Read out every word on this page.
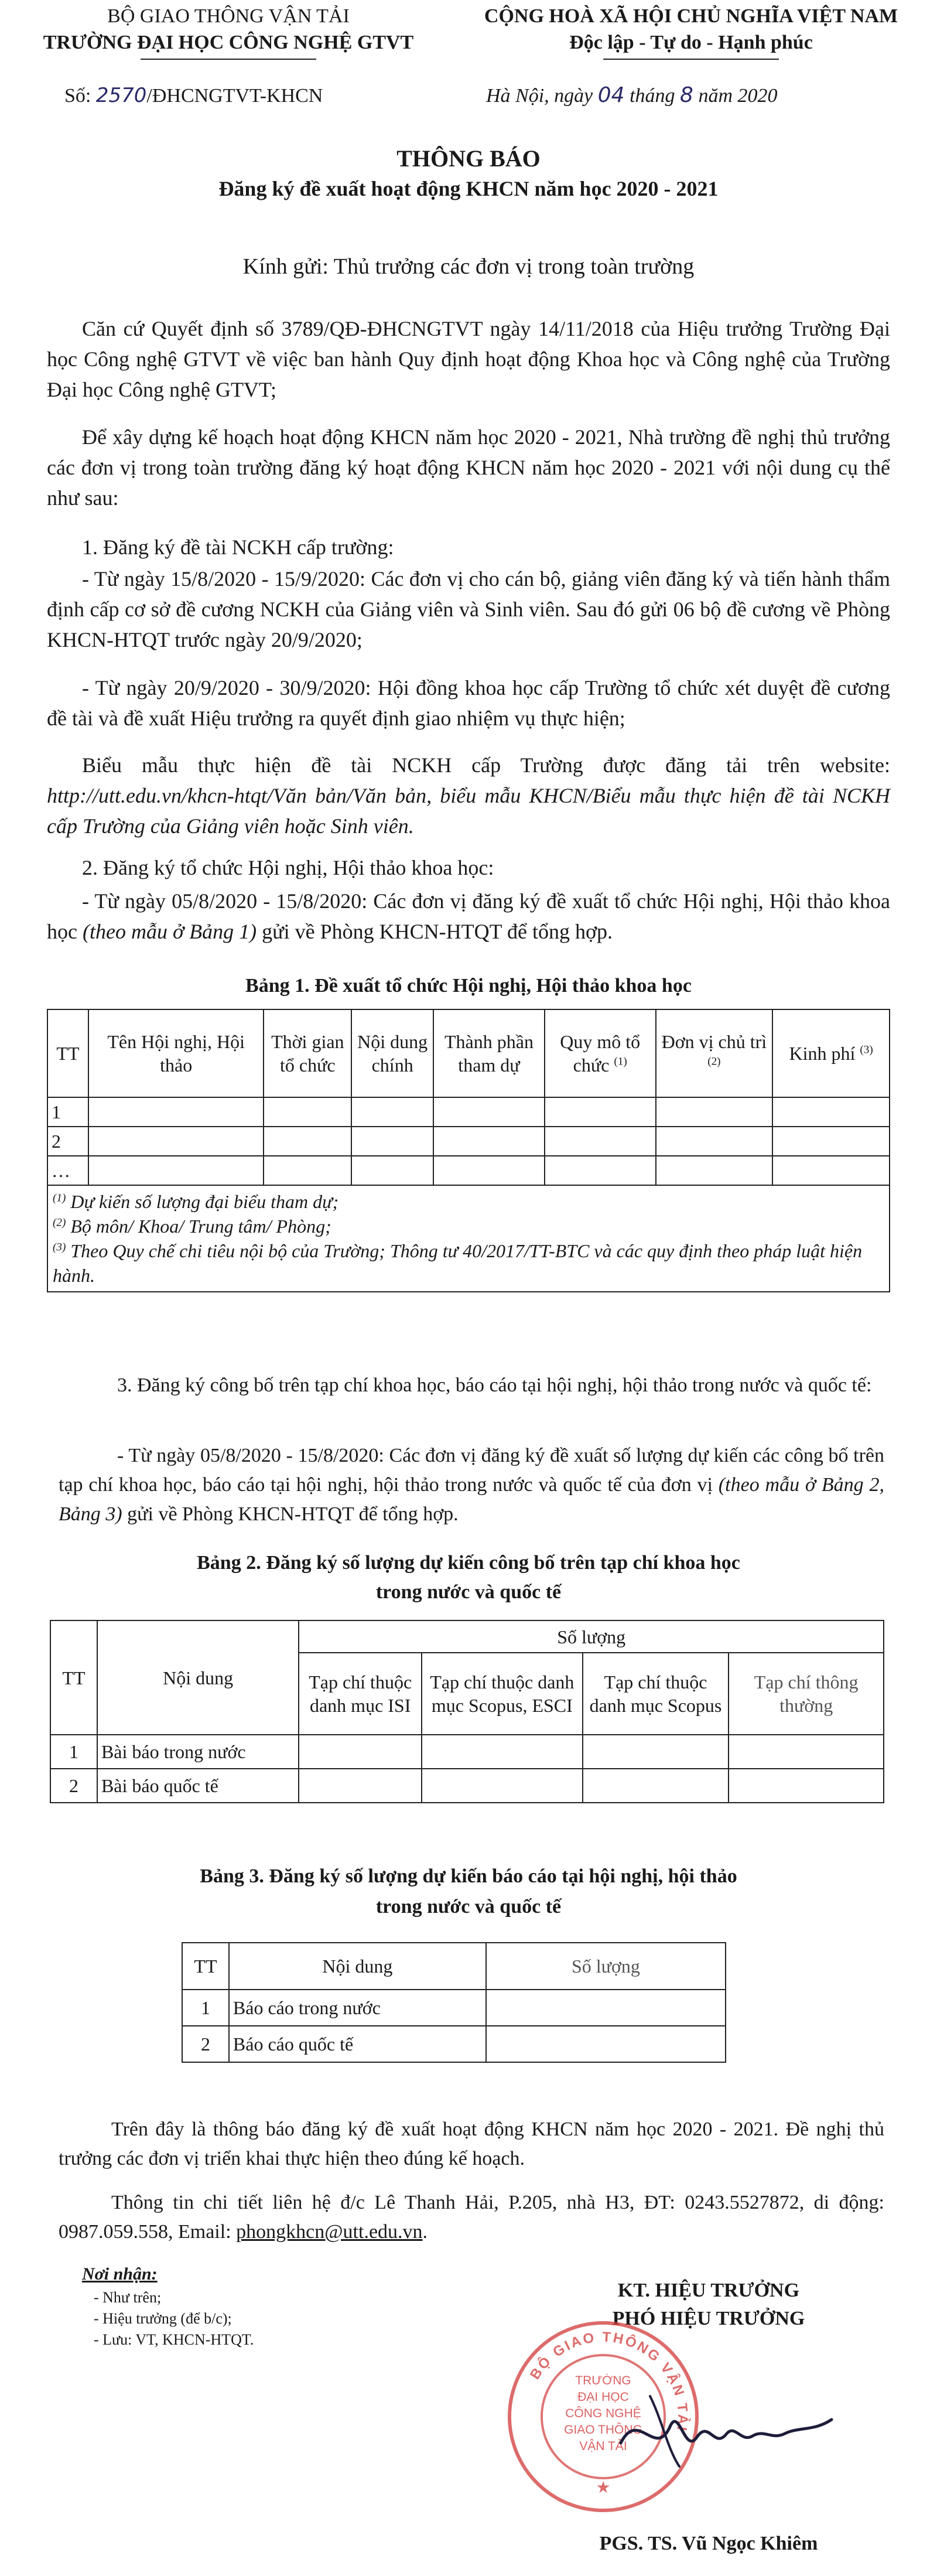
BỘ GIAO THÔNG VẬN TẢI
TRƯỜNG ĐẠI HỌC CÔNG NGHỆ GTVT
CỘNG HOÀ XÃ HỘI CHỦ NGHĨA VIỆT NAM
Độc lập - Tự do - Hạnh phúc
Số: 2570/ĐHCNGTVT-KHCN	Hà Nội, ngày 04 tháng 8 năm 2020
THÔNG BÁO
Đăng ký đề xuất hoạt động KHCN năm học 2020 - 2021
Kính gửi: Thủ trưởng các đơn vị trong toàn trường
Căn cứ Quyết định số 3789/QĐ-ĐHCNGTVT ngày 14/11/2018 của Hiệu trưởng Trường Đại học Công nghệ GTVT về việc ban hành Quy định hoạt động Khoa học và Công nghệ của Trường Đại học Công nghệ GTVT;
Để xây dựng kế hoạch hoạt động KHCN năm học 2020 - 2021, Nhà trường đề nghị thủ trưởng các đơn vị trong toàn trường đăng ký hoạt động KHCN năm học 2020 - 2021 với nội dung cụ thể như sau:
1. Đăng ký đề tài NCKH cấp trường:
- Từ ngày 15/8/2020 - 15/9/2020: Các đơn vị cho cán bộ, giảng viên đăng ký và tiến hành thẩm định cấp cơ sở đề cương NCKH của Giảng viên và Sinh viên. Sau đó gửi 06 bộ đề cương về Phòng KHCN-HTQT trước ngày 20/9/2020;
- Từ ngày 20/9/2020 - 30/9/2020: Hội đồng khoa học cấp Trường tổ chức xét duyệt đề cương đề tài và đề xuất Hiệu trưởng ra quyết định giao nhiệm vụ thực hiện;
Biểu mẫu thực hiện đề tài NCKH cấp Trường được đăng tải trên website: http://utt.edu.vn/khcn-htqt/Văn bản/Văn bản, biểu mẫu KHCN/Biểu mẫu thực hiện đề tài NCKH cấp Trường của Giảng viên hoặc Sinh viên.
2. Đăng ký tổ chức Hội nghị, Hội thảo khoa học:
- Từ ngày 05/8/2020 - 15/8/2020: Các đơn vị đăng ký đề xuất tổ chức Hội nghị, Hội thảo khoa học (theo mẫu ở Bảng 1) gửi về Phòng KHCN-HTQT để tổng hợp.
Bảng 1. Đề xuất tổ chức Hội nghị, Hội thảo khoa học
TT	Tên Hội nghị, Hội thảo	Thời gian tổ chức	Nội dung chính	Thành phần tham dự	Quy mô tổ chức $^{(1)}$	Đơn vị chủ trì $^{(2)}$	Kinh phí $^{(3)}$
1							
2							
…							

$^{(1)}$ Dự kiến số lượng đại biểu tham dự;
$^{(2)}$ Bộ môn/ Khoa/ Trung tâm/ Phòng;
$^{(3)}$ Theo Quy chế chi tiêu nội bộ của Trường; Thông tư 40/2017/TT-BTC và các quy định theo pháp luật hiện hành.							
3. Đăng ký công bố trên tạp chí khoa học, báo cáo tại hội nghị, hội thảo trong nước và quốc tế:
- Từ ngày 05/8/2020 - 15/8/2020: Các đơn vị đăng ký đề xuất số lượng dự kiến các công bố trên tạp chí khoa học, báo cáo tại hội nghị, hội thảo trong nước và quốc tế của đơn vị (theo mẫu ở Bảng 2, Bảng 3) gửi về Phòng KHCN-HTQT để tổng hợp.
Bảng 2. Đăng ký số lượng dự kiến công bố trên tạp chí khoa học
trong nước và quốc tế
TT	Nội dung	Số lượng			
		Tạp chí thuộc danh mục ISI	Tạp chí thuộc danh mục Scopus, ESCI	Tạp chí thuộc danh mục Scopus	Tạp chí thông thường
1	Bài báo trong nước				
2	Bài báo quốc tế				
Bảng 3. Đăng ký số lượng dự kiến báo cáo tại hội nghị, hội thảo
trong nước và quốc tế
TT	Nội dung	Số lượng
1	Báo cáo trong nước	
2	Báo cáo quốc tế	
Trên đây là thông báo đăng ký đề xuất hoạt động KHCN năm học 2020 - 2021. Đề nghị thủ trưởng các đơn vị triển khai thực hiện theo đúng kế hoạch.
Thông tin chi tiết liên hệ đ/c Lê Thanh Hải, P.205, nhà H3, ĐT: 0243.5527872, di động: 0987.059.558, Email: phongkhcn@utt.edu.vn.
Nơi nhận:
- Như trên;
- Hiệu trưởng (để b/c);
- Lưu: VT, KHCN-HTQT.
KT. HIỆU TRƯỞNG
PHÓ HIỆU TRƯỞNG
BỘ GIAO THÔNG VẬN TẢI
TRƯỜNG
ĐẠI HỌC
CÔNG NGHỆ
GIAO THÔNG
VẬN TẢI
★
PGS. TS. Vũ Ngọc Khiêm
